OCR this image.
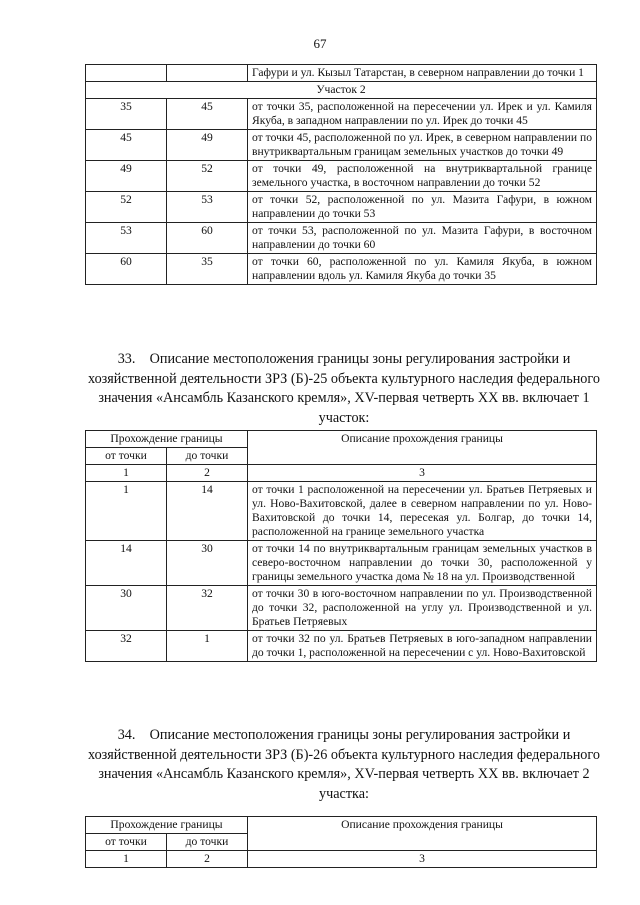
67
		Гафури и ул. Кызыл Татарстан, в северном направлении до точки 1
Участок 2		
35	45	от точки 35, расположенной на пересечении ул. Ирек и ул. Камиля Якуба, в западном направлении по ул. Ирек до точки 45
45	49	от точки 45, расположенной по ул. Ирек, в северном направлении по внутриквартальным границам земельных участков до точки 49
49	52	от точки 49, расположенной на внутриквартальной границе земельного участка, в восточном направлении до точки 52
52	53	от точки 52, расположенной по ул. Мазита Гафури, в южном направлении до точки 53
53	60	от точки 53, расположенной по ул. Мазита Гафури, в восточном направлении до точки 60
60	35	от точки 60, расположенной по ул. Камиля Якуба, в южном направлении вдоль ул. Камиля Якуба до точки 35
33.    Описание местоположения границы зоны регулирования застройки и хозяйственной деятельности ЗРЗ (Б)-25 объекта культурного наследия федерального значения «Ансамбль Казанского кремля», XV-первая четверть XX вв. включает 1 участок:
Прохождение границы		Описание прохождения границы
от точки	до точки	
1	2	3
1	14	от точки 1 расположенной на пересечении ул. Братьев Петряевых и ул. Ново-Вахитовской, далее в северном направлении по ул. Ново-Вахитовской до точки 14, пересекая ул. Болгар, до точки 14, расположенной на границе земельного участка
14	30	от точки 14 по внутриквартальным границам земельных участков в северо-восточном направлении до точки 30, расположенной у границы земельного участка дома № 18 на ул. Производственной
30	32	от точки 30 в юго-восточном направлении по ул. Производственной до точки 32, расположенной на углу ул. Производственной и ул. Братьев Петряевых
32	1	от точки 32 по ул. Братьев Петряевых в юго-западном направлении до точки 1, расположенной на пересечении с ул. Ново-Вахитовской
34.    Описание местоположения границы зоны регулирования застройки и хозяйственной деятельности ЗРЗ (Б)-26 объекта культурного наследия федерального значения «Ансамбль Казанского кремля», XV-первая четверть XX вв. включает 2 участка:
Прохождение границы		Описание прохождения границы
от точки	до точки	
1	2	3
